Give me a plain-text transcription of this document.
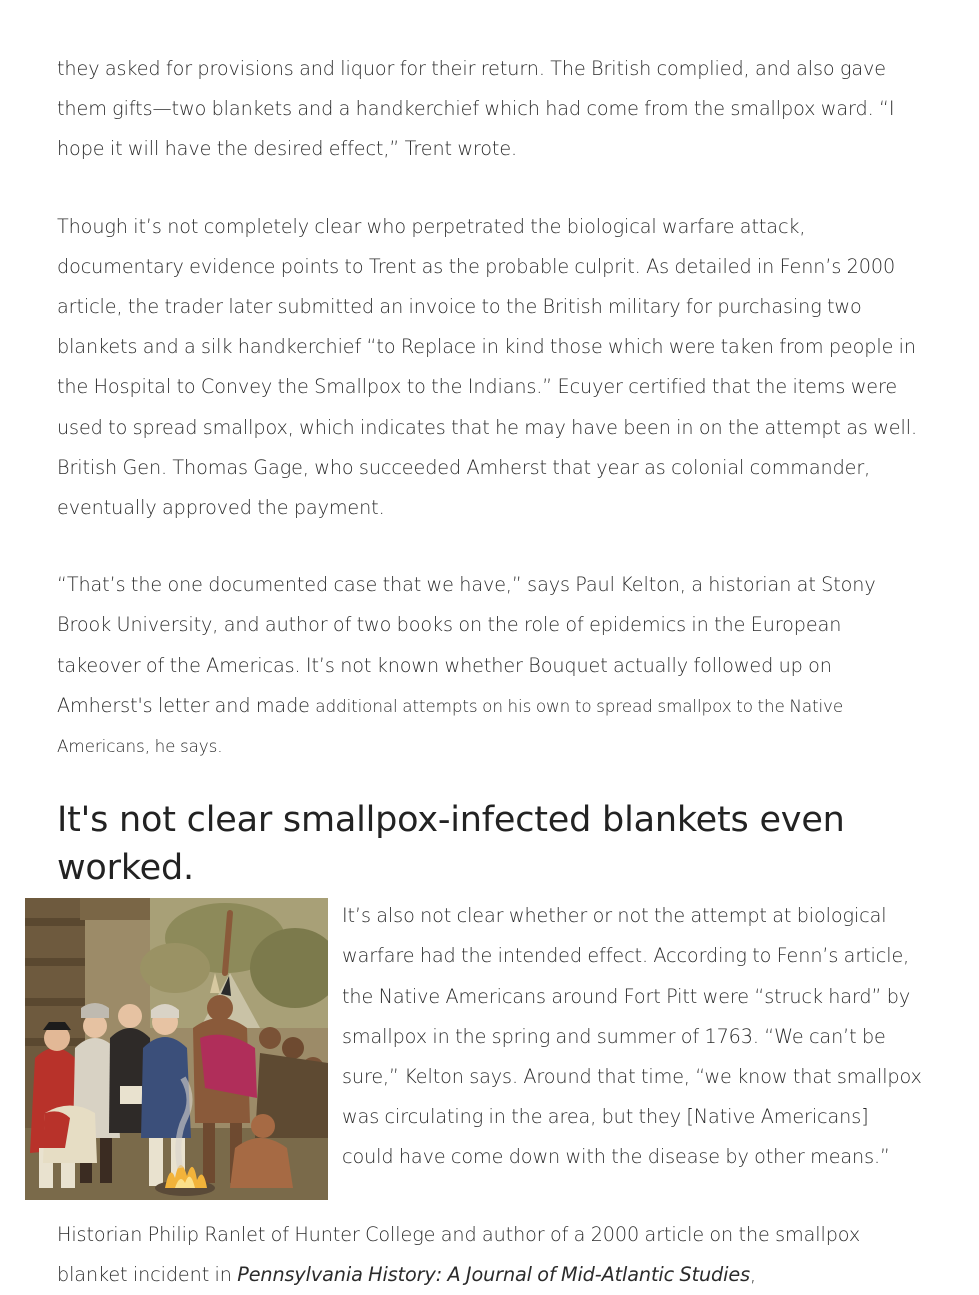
they asked for provisions and liquor for their return. The British complied, and also gave them gifts—two blankets and a handkerchief which had come from the smallpox ward. “I hope it will have the desired effect,” Trent wrote.

Though it’s not completely clear who perpetrated the biological warfare attack, documentary evidence points to Trent as the probable culprit. As detailed in Fenn’s 2000 article, the trader later submitted an invoice to the British military for purchasing two blankets and a silk handkerchief “to Replace in kind those which were taken from people in the Hospital to Convey the Smallpox to the Indians.” Ecuyer certified that the items were used to spread smallpox, which indicates that he may have been in on the attempt as well. British Gen. Thomas Gage, who succeeded Amherst that year as colonial commander, eventually approved the payment.

“That’s the one documented case that we have,” says Paul Kelton, a historian at Stony Brook University, and author of two books on the role of epidemics in the European takeover of the Americas. It’s not known whether Bouquet actually followed up on Amherst's letter and made additional attempts on his own to spread smallpox to the Native Americans, he says.

It's not clear smallpox-infected blankets even worked.

It’s also not clear whether or not the attempt at biological warfare had the intended effect. According to Fenn’s article, the Native Americans around Fort Pitt were “struck hard” by smallpox in the spring and summer of 1763. “We can’t be sure,” Kelton says. Around that time, “we know that smallpox was circulating in the area, but they [Native Americans] could have come down with the disease by other means.”

Historian Philip Ranlet of Hunter College and author of a 2000 article on the smallpox blanket incident in Pennsylvania History: A Journal of Mid-Atlantic Studies,
